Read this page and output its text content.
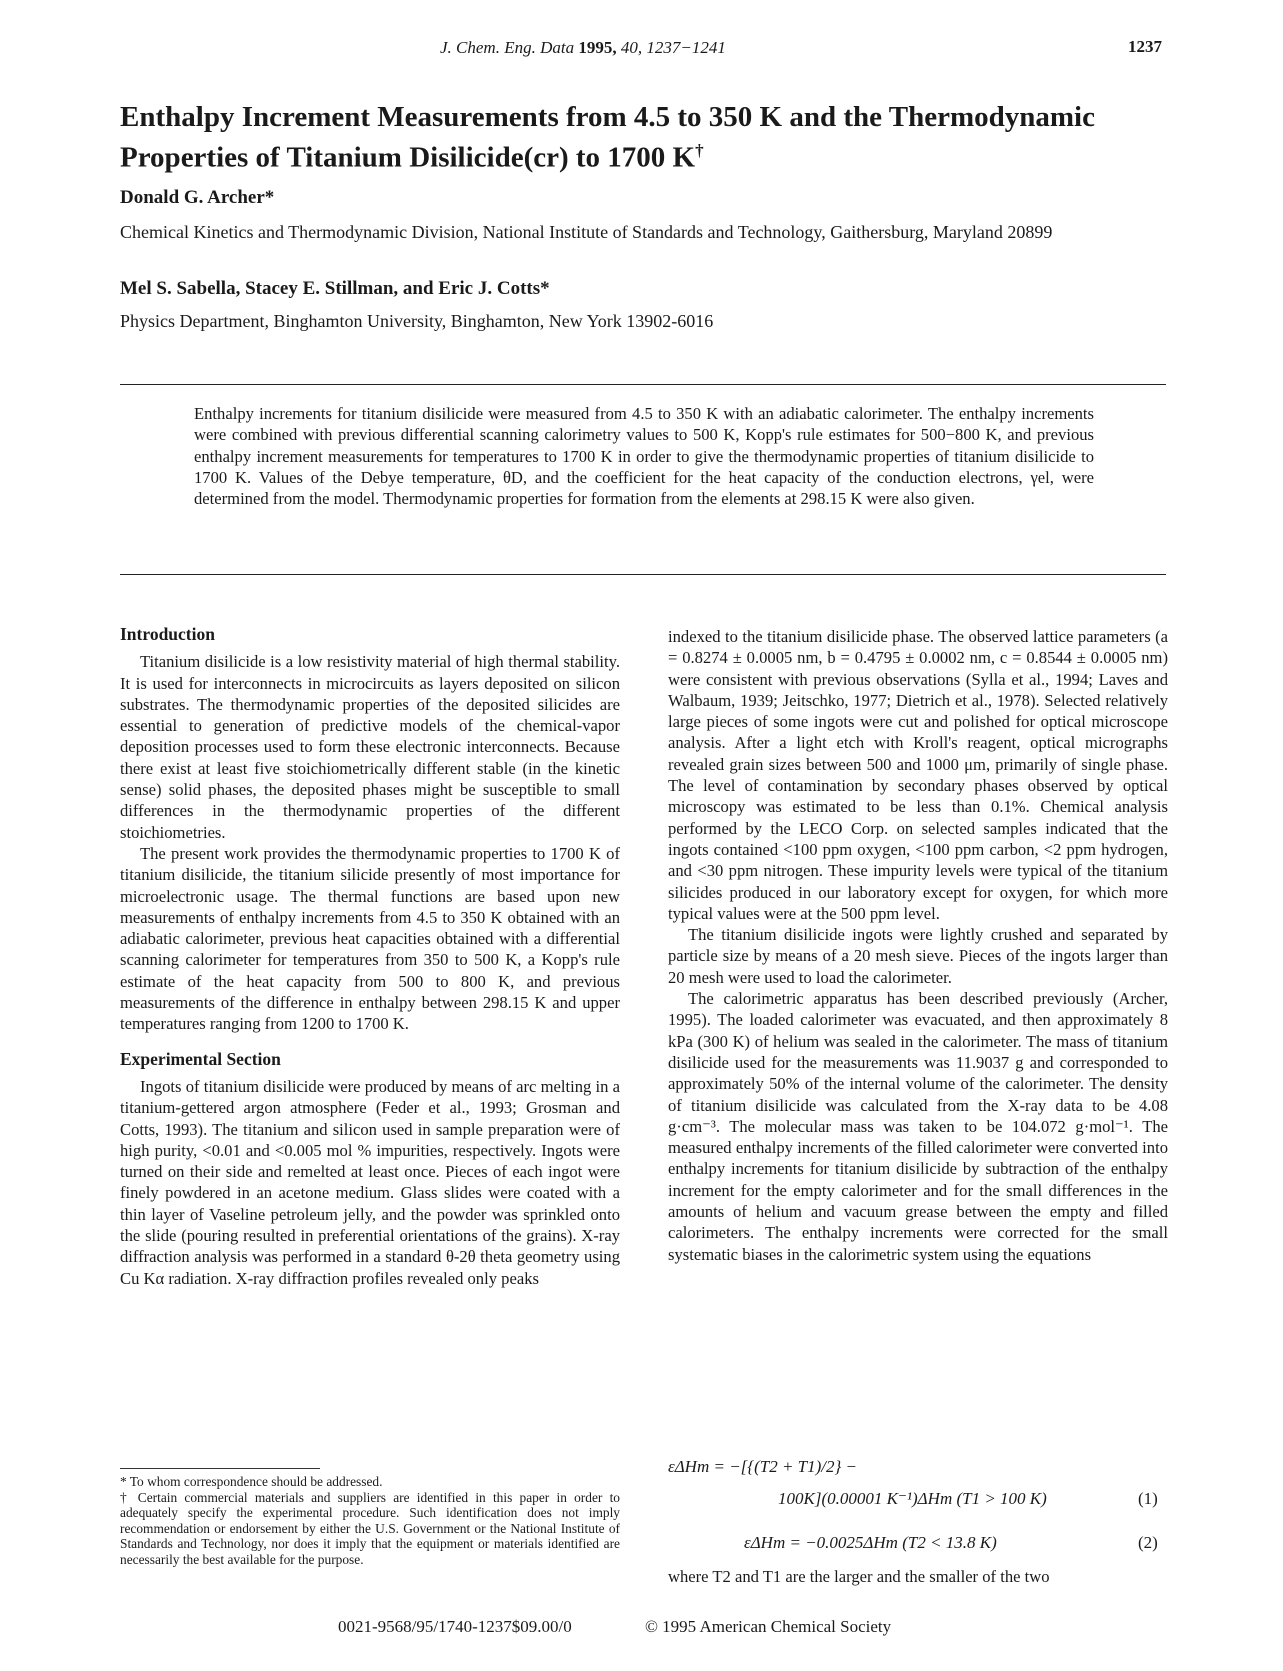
J. Chem. Eng. Data 1995, 40, 1237−1241	1237
Enthalpy Increment Measurements from 4.5 to 350 K and the Thermodynamic Properties of Titanium Disilicide(cr) to 1700 K†

Donald G. Archer*

Chemical Kinetics and Thermodynamic Division, National Institute of Standards and Technology, Gaithersburg, Maryland 20899

Mel S. Sabella, Stacey E. Stillman, and Eric J. Cotts*

Physics Department, Binghamton University, Binghamton, New York 13902-6016

Enthalpy increments for titanium disilicide were measured from 4.5 to 350 K with an adiabatic calorimeter. The enthalpy increments were combined with previous differential scanning calorimetry values to 500 K, Kopp's rule estimates for 500−800 K, and previous enthalpy increment measurements for temperatures to 1700 K in order to give the thermodynamic properties of titanium disilicide to 1700 K. Values of the Debye temperature, θD, and the coefficient for the heat capacity of the conduction electrons, γel, were determined from the model. Thermodynamic properties for formation from the elements at 298.15 K were also given.

Introduction

Titanium disilicide is a low resistivity material of high thermal stability. It is used for interconnects in microcircuits as layers deposited on silicon substrates. The thermodynamic properties of the deposited silicides are essential to generation of predictive models of the chemical-vapor deposition processes used to form these electronic interconnects. Because there exist at least five stoichiometrically different stable (in the kinetic sense) solid phases, the deposited phases might be susceptible to small differences in the thermodynamic properties of the different stoichiometries.

The present work provides the thermodynamic properties to 1700 K of titanium disilicide, the titanium silicide presently of most importance for microelectronic usage. The thermal functions are based upon new measurements of enthalpy increments from 4.5 to 350 K obtained with an adiabatic calorimeter, previous heat capacities obtained with a differential scanning calorimeter for temperatures from 350 to 500 K, a Kopp's rule estimate of the heat capacity from 500 to 800 K, and previous measurements of the difference in enthalpy between 298.15 K and upper temperatures ranging from 1200 to 1700 K.

Experimental Section

Ingots of titanium disilicide were produced by means of arc melting in a titanium-gettered argon atmosphere (Feder et al., 1993; Grosman and Cotts, 1993). The titanium and silicon used in sample preparation were of high purity, <0.01 and <0.005 mol % impurities, respectively. Ingots were turned on their side and remelted at least once. Pieces of each ingot were finely powdered in an acetone medium. Glass slides were coated with a thin layer of Vaseline petroleum jelly, and the powder was sprinkled onto the slide (pouring resulted in preferential orientations of the grains). X-ray diffraction analysis was performed in a standard θ-2θ theta geometry using Cu Kα radiation. X-ray diffraction profiles revealed only peaks

* To whom correspondence should be addressed.

† Certain commercial materials and suppliers are identified in this paper in order to adequately specify the experimental procedure. Such identification does not imply recommendation or endorsement by either the U.S. Government or the National Institute of Standards and Technology, nor does it imply that the equipment or materials identified are necessarily the best available for the purpose.

indexed to the titanium disilicide phase. The observed lattice parameters (a = 0.8274 ± 0.0005 nm, b = 0.4795 ± 0.0002 nm, c = 0.8544 ± 0.0005 nm) were consistent with previous observations (Sylla et al., 1994; Laves and Walbaum, 1939; Jeitschko, 1977; Dietrich et al., 1978). Selected relatively large pieces of some ingots were cut and polished for optical microscope analysis. After a light etch with Kroll's reagent, optical micrographs revealed grain sizes between 500 and 1000 μm, primarily of single phase. The level of contamination by secondary phases observed by optical microscopy was estimated to be less than 0.1%. Chemical analysis performed by the LECO Corp. on selected samples indicated that the ingots contained <100 ppm oxygen, <100 ppm carbon, <2 ppm hydrogen, and <30 ppm nitrogen. These impurity levels were typical of the titanium silicides produced in our laboratory except for oxygen, for which more typical values were at the 500 ppm level.

The titanium disilicide ingots were lightly crushed and separated by particle size by means of a 20 mesh sieve. Pieces of the ingots larger than 20 mesh were used to load the calorimeter.

The calorimetric apparatus has been described previously (Archer, 1995). The loaded calorimeter was evacuated, and then approximately 8 kPa (300 K) of helium was sealed in the calorimeter. The mass of titanium disilicide used for the measurements was 11.9037 g and corresponded to approximately 50% of the internal volume of the calorimeter. The density of titanium disilicide was calculated from the X-ray data to be 4.08 g·cm⁻³. The molecular mass was taken to be 104.072 g·mol⁻¹. The measured enthalpy increments of the filled calorimeter were converted into enthalpy increments for titanium disilicide by subtraction of the enthalpy increment for the empty calorimeter and for the small differences in the amounts of helium and vacuum grease between the empty and filled calorimeters. The enthalpy increments were corrected for the small systematic biases in the calorimetric system using the equations

εΔHm = −[{(T2 + T1)/2} −
100K](0.00001 K⁻¹)ΔHm (T1 > 100 K)	(1)
εΔHm = −0.0025ΔHm (T2 < 13.8 K)	(2)
where T2 and T1 are the larger and the smaller of the two
0021-9568/95/1740-1237$09.00/0	© 1995 American Chemical Society
